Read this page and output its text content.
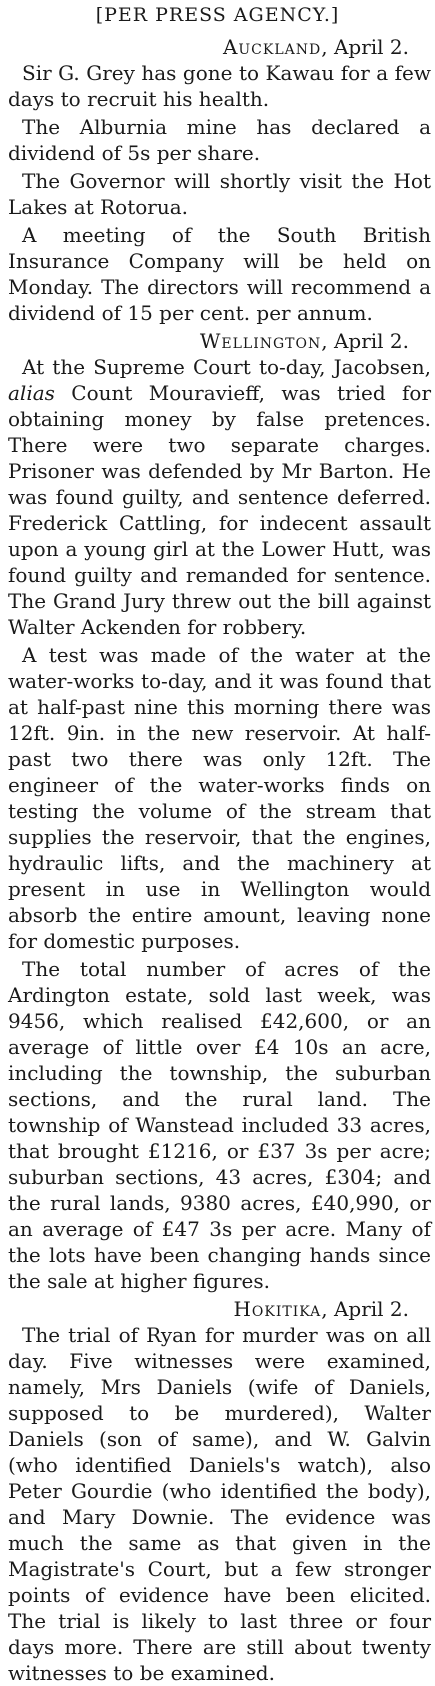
[PER PRESS AGENCY.]

Auckland, April 2.

Sir G. Grey has gone to Kawau for a few days to recruit his health.

The Alburnia mine has declared a dividend of 5s per share.

The Governor will shortly visit the Hot Lakes at Rotorua.

A meeting of the South British Insurance Company will be held on Monday. The directors will recommend a dividend of 15 per cent. per annum.

Wellington, April 2.

At the Supreme Court to-day, Jacobsen, alias Count Mouravieff, was tried for obtaining money by false pretences. There were two separate charges. Prisoner was defended by Mr Barton. He was found guilty, and sentence deferred. Frederick Cattling, for indecent assault upon a young girl at the Lower Hutt, was found guilty and remanded for sentence. The Grand Jury threw out the bill against Walter Ackenden for robbery.

A test was made of the water at the water-works to-day, and it was found that at half-past nine this morning there was 12ft. 9in. in the new reservoir. At half-past two there was only 12ft. The engineer of the water-works finds on testing the volume of the stream that supplies the reservoir, that the engines, hydraulic lifts, and the machinery at present in use in Wellington would absorb the entire amount, leaving none for domestic purposes.

The total number of acres of the Ardington estate, sold last week, was 9456, which realised £42,600, or an average of little over £4 10s an acre, including the township, the suburban sections, and the rural land. The township of Wanstead included 33 acres, that brought £1216, or £37 3s per acre; suburban sections, 43 acres, £304; and the rural lands, 9380 acres, £40,990, or an average of £47 3s per acre. Many of the lots have been changing hands since the sale at higher figures.

Hokitika, April 2.

The trial of Ryan for murder was on all day. Five witnesses were examined, namely, Mrs Daniels (wife of Daniels, supposed to be murdered), Walter Daniels (son of same), and W. Galvin (who identified Daniels's watch), also Peter Gourdie (who identified the body), and Mary Downie. The evidence was much the same as that given in the Magistrate's Court, but a few stronger points of evidence have been elicited. The trial is likely to last three or four days more. There are still about twenty witnesses to be examined.
